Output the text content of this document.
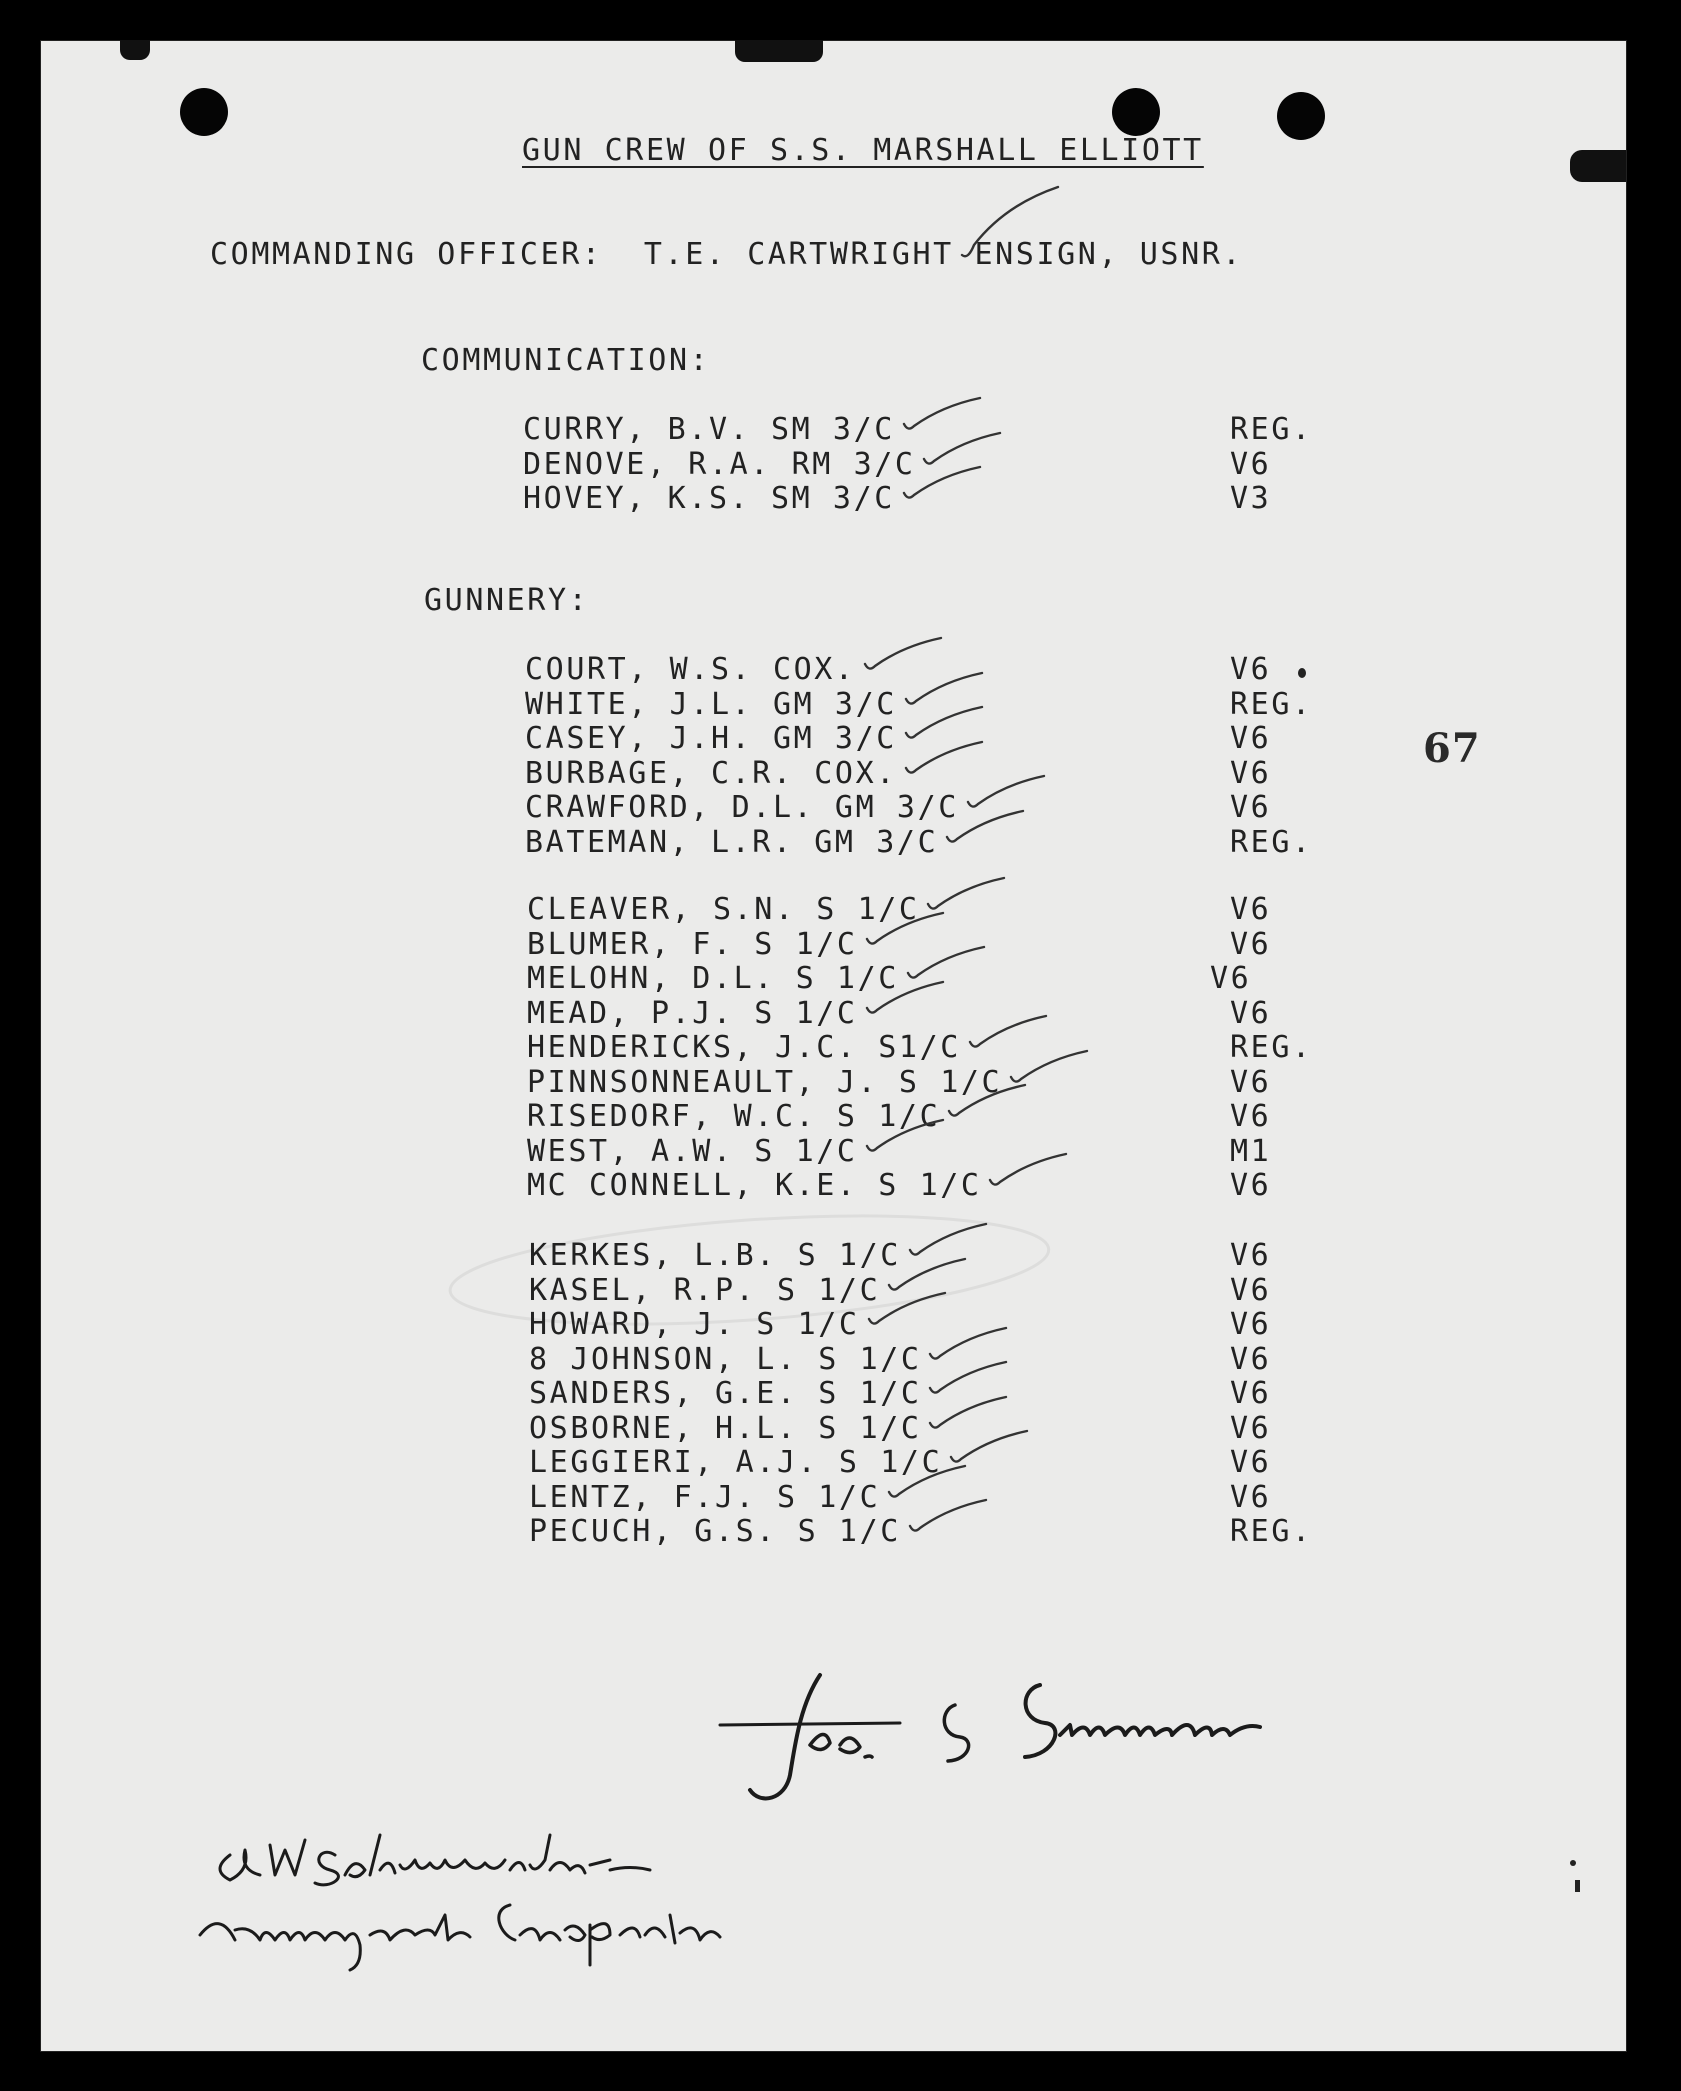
GUN CREW OF S.S. MARSHALL ELLIOTT
COMMANDING OFFICER:  T.E. CARTWRIGHT ENSIGN, USNR.
COMMUNICATION:
CURRY, B.V. SM 3/C	REG.
DENOVE, R.A. RM 3/C	V6
HOVEY, K.S. SM 3/C	V3
GUNNERY:
COURT, W.S. COX.	V6
WHITE, J.L. GM 3/C	REG.
CASEY, J.H. GM 3/C	V6
BURBAGE, C.R. COX.	V6
CRAWFORD, D.L. GM 3/C	V6
BATEMAN, L.R. GM 3/C	REG.
CLEAVER, S.N. S 1/C	V6
BLUMER, F. S 1/C	V6
MELOHN, D.L. S 1/C	V6
MEAD, P.J. S 1/C	V6
HENDERICKS, J.C. S1/C	REG.
PINNSONNEAULT, J. S 1/C	V6
RISEDORF, W.C. S 1/C	V6
WEST, A.W. S 1/C	M1
MC CONNELL, K.E. S 1/C	V6
KERKES, L.B. S 1/C	V6
KASEL, R.P. S 1/C	V6
HOWARD, J. S 1/C	V6
8 JOHNSON, L. S 1/C	V6
SANDERS, G.E. S 1/C	V6
OSBORNE, H.L. S 1/C	V6
LEGGIERI, A.J. S 1/C	V6
LENTZ, F.J. S 1/C	V6
PECUCH, G.S. S 1/C	REG.
67
